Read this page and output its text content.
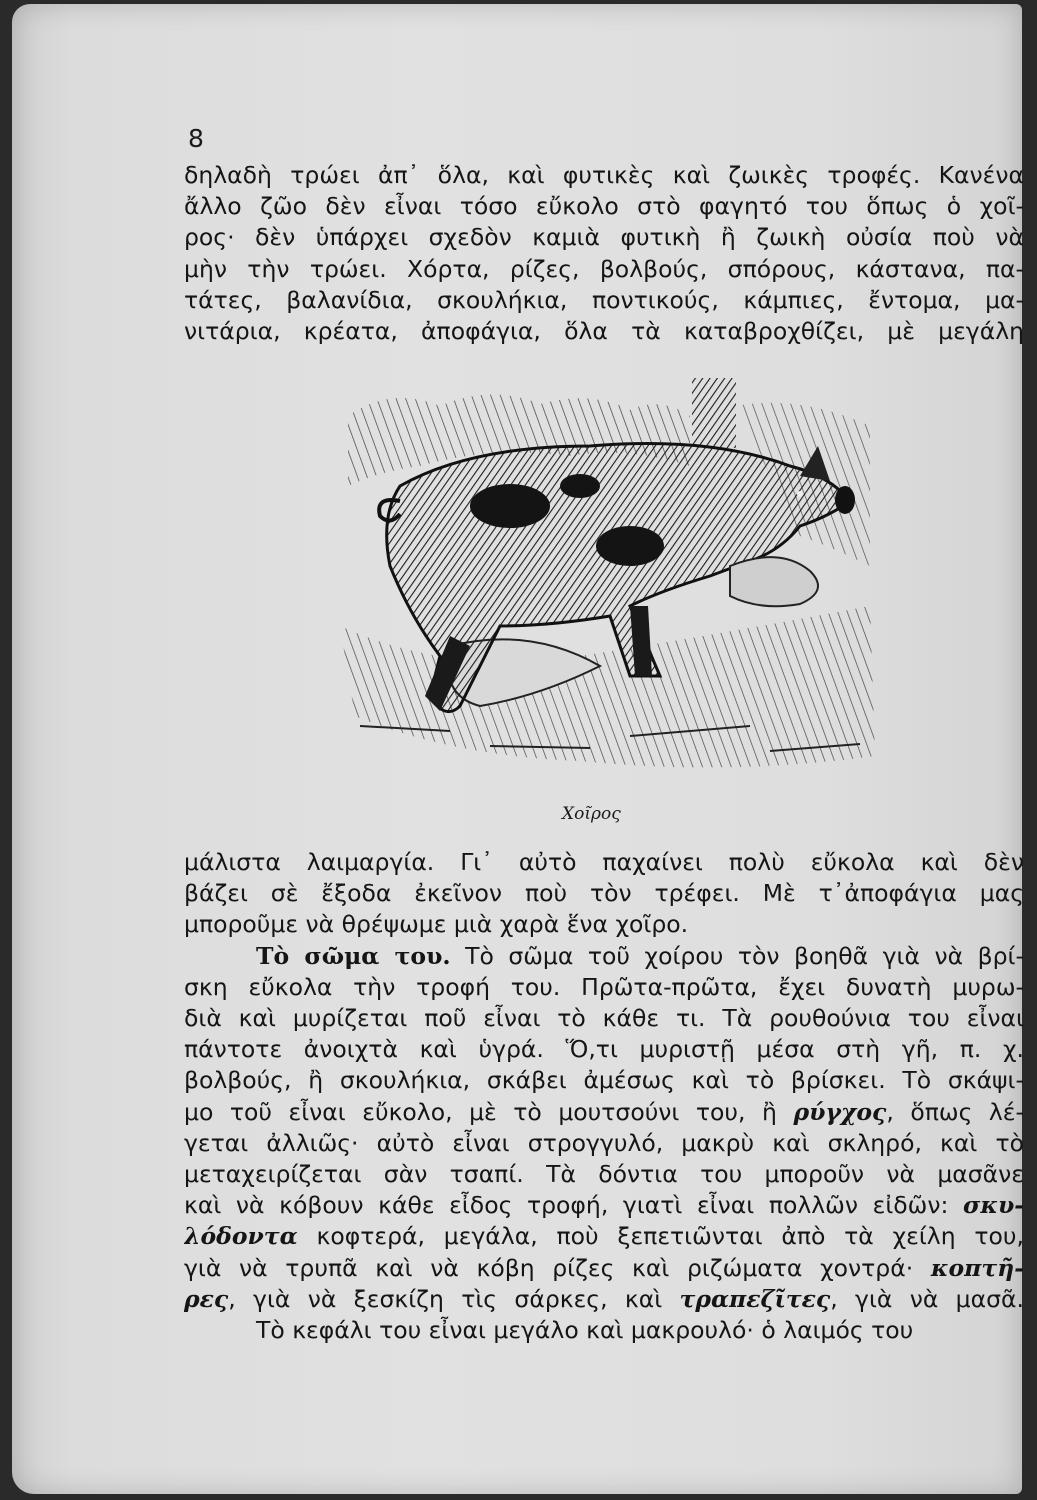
8
δηλαδὴ τρώει ἀπ᾽ ὅλα, καὶ φυτικὲς καὶ ζωικὲς τροφές. Κανένα
ἄλλο ζῶο δὲν εἶναι τόσο εὔκολο στὸ φαγητό του ὅπως ὁ χοῖ-
ρος· δὲν ὑπάρχει σχεδὸν καμιὰ φυτικὴ ἢ ζωικὴ οὐσία ποὺ νὰ
μὴν τὴν τρώει. Χόρτα, ρίζες, βολβούς, σπόρους, κάστανα, πα-
τάτες, βαλανίδια, σκουλήκια, ποντικούς, κάμπιες, ἔντομα, μα-
νιτάρια, κρέατα, ἀποφάγια, ὅλα τὰ καταβροχθίζει, μὲ μεγάλη
Χοῖρος
μάλιστα λαιμαργία. Γι᾽ αὐτὸ παχαίνει πολὺ εὔκολα καὶ δὲν
βάζει σὲ ἔξοδα ἐκεῖνον ποὺ τὸν τρέφει. Μὲ τ᾽ἀποφάγια μας
μποροῦμε νὰ θρέψωμε μιὰ χαρὰ ἕνα χοῖρο.
Τὸ σῶμα του. Τὸ σῶμα τοῦ χοίρου τὸν βοηθᾶ γιὰ νὰ βρί-
σκη εὔκολα τὴν τροφή του. Πρῶτα-πρῶτα, ἔχει δυνατὴ μυρω-
διὰ καὶ μυρίζεται ποῦ εἶναι τὸ κάθε τι. Τὰ ρουθούνια του εἶναι
πάντοτε ἀνοιχτὰ καὶ ὑγρά. Ὅ,τι μυριστῇ μέσα στὴ γῆ, π. χ.
βολβούς, ἢ σκουλήκια, σκάβει ἀμέσως καὶ τὸ βρίσκει. Τὸ σκάψι-
μο τοῦ εἶναι εὔκολο, μὲ τὸ μουτσούνι του, ἢ ρύγχος, ὅπως λέ-
γεται ἀλλιῶς· αὐτὸ εἶναι στρογγυλό, μακρὺ καὶ σκληρό, καὶ τὸ
μεταχειρίζεται σὰν τσαπί. Τὰ δόντια του μποροῦν νὰ μασᾶνε
καὶ νὰ κόβουν κάθε εἶδος τροφή, γιατὶ εἶναι πολλῶν εἰδῶν: σκυ-
λόδοντα κοφτερά, μεγάλα, ποὺ ξεπετιῶνται ἀπὸ τὰ χείλη του,
γιὰ νὰ τρυπᾶ καὶ νὰ κόβη ρίζες καὶ ριζώματα χοντρά· κοπτῆ-
ρες, γιὰ νὰ ξεσκίζη τὶς σάρκες, καὶ τραπεζῖτες, γιὰ νὰ μασᾶ.
Τὸ κεφάλι του εἶναι μεγάλο καὶ μακρουλό· ὁ λαιμός του
